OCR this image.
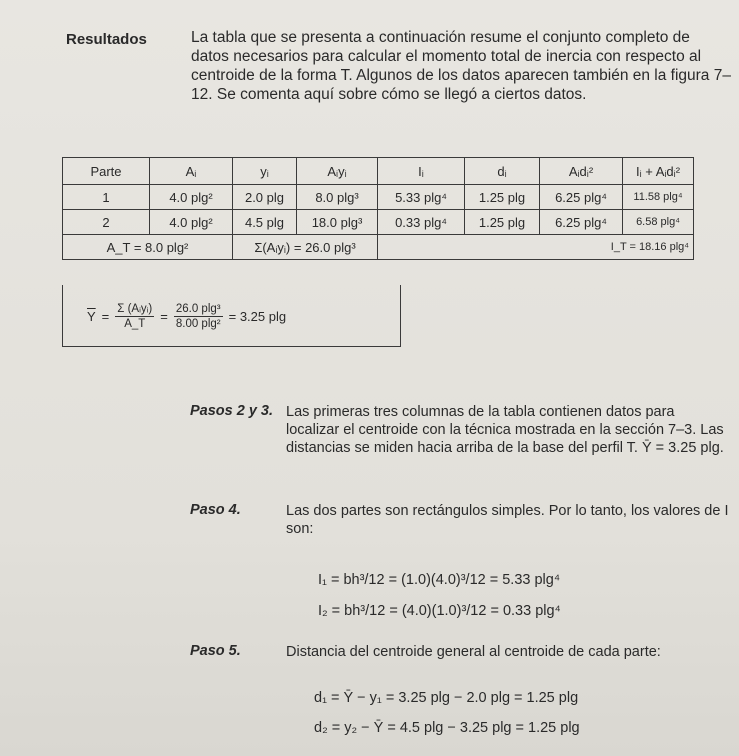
Resultados	La tabla que se presenta a continuación resume el conjunto completo de datos necesarios para calcular el momento total de inercia con respecto al centroide de la forma T. Algunos de los datos aparecen también en la figura 7–12. Se comenta aquí sobre cómo se llegó a ciertos datos.
Parte	Aᵢ	yᵢ	Aᵢyᵢ	Iᵢ	dᵢ	Aᵢdᵢ²	Iᵢ + Aᵢdᵢ²
1	4.0 plg²	2.0 plg	8.0 plg³	5.33 plg⁴	1.25 plg	6.25 plg⁴	11.58 plg⁴
2	4.0 plg²	4.5 plg	18.0 plg³	0.33 plg⁴	1.25 plg	6.25 plg⁴	6.58 plg⁴
A_T = 8.0 plg²		Σ(Aᵢyᵢ) = 26.0 plg³		I_T = 18.16 plg⁴			
$\overline{Y} = \frac{\text{Σ (Aᵢyᵢ)}}{A\_T} = \frac{\text{26.0 plg³}}{\text{8.00 plg²}} = 3.25$ plg
Pasos 2 y 3. Las primeras tres columnas de la tabla contienen datos para localizar el centroide con la técnica mostrada en la sección 7–3. Las distancias se miden hacia arriba de la base del perfil T. Ȳ = 3.25 plg.
Paso 4.	Las dos partes son rectángulos simples. Por lo tanto, los valores de I son:
I₁ = bh³/12 = (1.0)(4.0)³/12 = 5.33 plg⁴
I₂ = bh³/12 = (4.0)(1.0)³/12 = 0.33 plg⁴
Paso 5.	Distancia del centroide general al centroide de cada parte:
d₁ = Ȳ − y₁ = 3.25 plg − 2.0 plg = 1.25 plg
d₂ = y₂ − Ȳ = 4.5 plg − 3.25 plg = 1.25 plg
